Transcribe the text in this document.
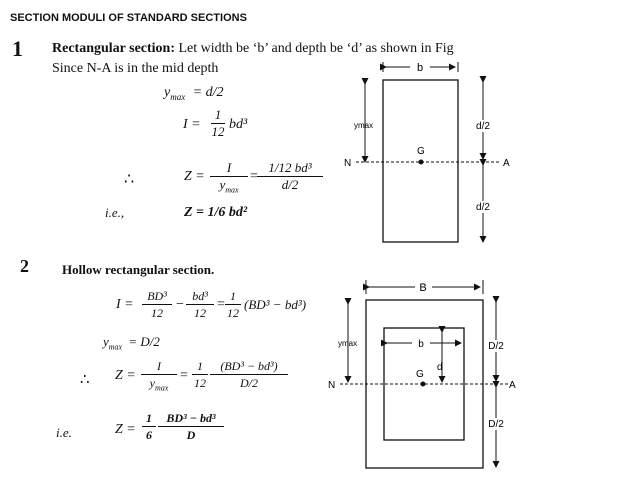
SECTION MODULI OF STANDARD SECTIONS
1 Rectangular section: Let width be ‘b’ and depth be ‘d’ as shown in Fig
Since N-A is in the mid depth
$y_{max} = d/2$
$I = \frac{1}{12} bd^3$
∴	Z =
I
$y_{max}$
= $\frac{\text{1/12 bd³}}{d/2}$
i.e.,	Z = 1/6 bd²
b
ymax
N	A
G
d/2
d/2
2	Hollow rectangular section.
$I = \frac{\text{BD³}}{12} - \frac{\text{bd³}}{12} = \frac{1}{12} (BD^3 - bd^3)$
$y_{max} = D/2$
∴ Z =
I
$y_{max}$
= $\frac{1}{12} \frac{\text{(BD³ − bd³)}}{D/2}$
i.e.	$Z = \frac{1}{6} \frac{\text{BD³ − bd³}}{D}$
B
b
ymax
N	A
G
d
D/2
D/2
